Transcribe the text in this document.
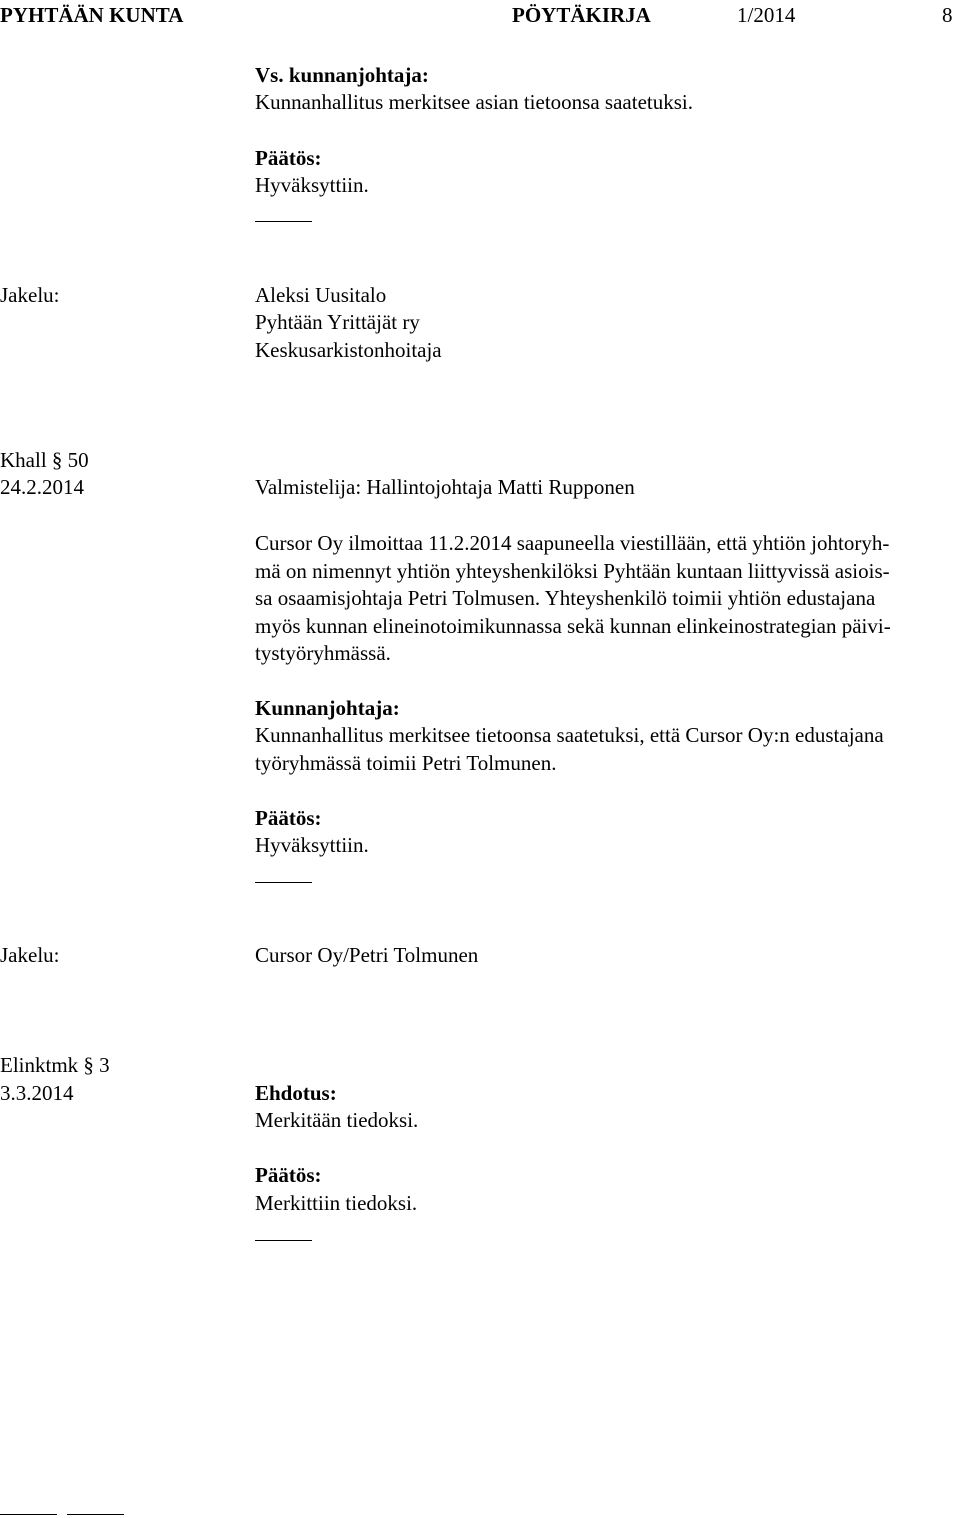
PYHTÄÄN KUNTA	PÖYTÄKIRJA	1/2014	8
Vs. kunnanjohtaja:
Kunnanhallitus merkitsee asian tietoonsa saatetuksi.
Päätös:
Hyväksyttiin.
Jakelu:	Aleksi Uusitalo
Pyhtään Yrittäjät ry
Keskusarkistonhoitaja
Khall § 50
24.2.2014	Valmistelija: Hallintojohtaja Matti Rupponen
Cursor Oy ilmoittaa 11.2.2014 saapuneella viestillään, että yhtiön johtoryh-
mä on nimennyt yhtiön yhteyshenkilöksi Pyhtään kuntaan liittyvissä asiois-
sa osaamisjohtaja Petri Tolmusen. Yhteyshenkilö toimii yhtiön edustajana
myös kunnan elineinotoimikunnassa sekä kunnan elinkeinostrategian päivi-
tystyöryhmässä.
Kunnanjohtaja:
Kunnanhallitus merkitsee tietoonsa saatetuksi, että Cursor Oy:n edustajana
työryhmässä toimii Petri Tolmunen.
Päätös:
Hyväksyttiin.
Jakelu:	Cursor Oy/Petri Tolmunen
Elinktmk § 3
3.3.2014	Ehdotus:
Merkitään tiedoksi.
Päätös:
Merkittiin tiedoksi.
